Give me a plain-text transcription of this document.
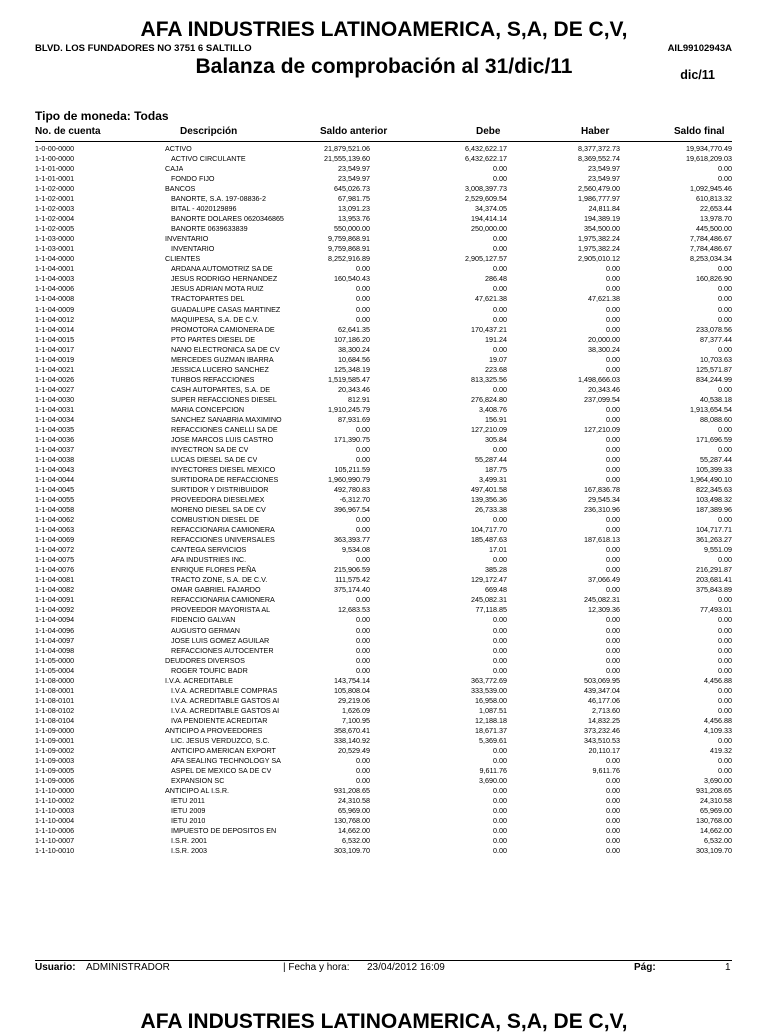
AFA INDUSTRIES LATINOAMERICA, S,A, DE C,V,
BLVD. LOS FUNDADORES NO 3751 6 SALTILLO	AIL99102943A
Balanza de comprobación al 31/dic/11	dic/11
Tipo de moneda: Todas
No. de cuenta	Descripción	Saldo anterior	Debe	Haber	Saldo final
1-0-00-0000	ACTIVO	21,879,521.06	6,432,622.17	8,377,372.73	19,934,770.49
1-1-00-0000	ACTIVO CIRCULANTE	21,555,139.60	6,432,622.17	8,369,552.74	19,618,209.03
1-1-01-0000	CAJA	23,549.97	0.00	23,549.97	0.00
1-1-01-0001	FONDO FIJO	23,549.97	0.00	23,549.97	0.00
1-1-02-0000	BANCOS	645,026.73	3,008,397.73	2,560,479.00	1,092,945.46
1-1-02-0001	BANORTE, S.A. 197-08836-2	67,981.75	2,529,609.54	1,986,777.97	610,813.32
1-1-02-0003	BITAL - 4020129896	13,091.23	34,374.05	24,811.84	22,653.44
1-1-02-0004	BANORTE DOLARES 0620346865	13,953.76	194,414.14	194,389.19	13,978.70
1-1-02-0005	BANORTE 0639633839	550,000.00	250,000.00	354,500.00	445,500.00
1-1-03-0000	INVENTARIO	9,759,868.91	0.00	1,975,382.24	7,784,486.67
1-1-03-0001	INVENTARIO	9,759,868.91	0.00	1,975,382.24	7,784,486.67
1-1-04-0000	CLIENTES	8,252,916.89	2,905,127.57	2,905,010.12	8,253,034.34
1-1-04-0001	ARDANA AUTOMOTRIZ SA DE	0.00	0.00	0.00	0.00
1-1-04-0003	JESUS RODRIGO HERNANDEZ	160,540.43	286.48	0.00	160,826.90
1-1-04-0006	JESUS ADRIAN MOTA RUIZ	0.00	0.00	0.00	0.00
1-1-04-0008	TRACTOPARTES DEL	0.00	47,621.38	47,621.38	0.00
1-1-04-0009	GUADALUPE CASAS MARTINEZ	0.00	0.00	0.00	0.00
1-1-04-0012	MAQUIPESA, S.A. DE C.V.	0.00	0.00	0.00	0.00
1-1-04-0014	PROMOTORA CAMIONERA DE	62,641.35	170,437.21	0.00	233,078.56
1-1-04-0015	PTO PARTES DIESEL DE	107,186.20	191.24	20,000.00	87,377.44
1-1-04-0017	NANO ELECTRONICA SA DE CV	38,300.24	0.00	38,300.24	0.00
1-1-04-0019	MERCEDES GUZMAN IBARRA	10,684.56	19.07	0.00	10,703.63
1-1-04-0021	JESSICA LUCERO SANCHEZ	125,348.19	223.68	0.00	125,571.87
1-1-04-0026	TURBOS REFACCIONES	1,519,585.47	813,325.56	1,498,666.03	834,244.99
1-1-04-0027	CASH AUTOPARTES, S.A. DE	20,343.46	0.00	20,343.46	0.00
1-1-04-0030	SUPER REFACCIONES DIESEL	812.91	276,824.80	237,099.54	40,538.18
1-1-04-0031	MARIA CONCEPCION	1,910,245.79	3,408.76	0.00	1,913,654.54
1-1-04-0034	SANCHEZ SANABRIA MAXIMINO	87,931.69	156.91	0.00	88,088.60
1-1-04-0035	REFACCIONES CANELLI SA DE	0.00	127,210.09	127,210.09	0.00
1-1-04-0036	JOSE MARCOS LUIS CASTRO	171,390.75	305.84	0.00	171,696.59
1-1-04-0037	INYECTRON SA DE CV	0.00	0.00	0.00	0.00
1-1-04-0038	LUCAS DIESEL SA DE CV	0.00	55,287.44	0.00	55,287.44
1-1-04-0043	INYECTORES DIESEL MEXICO	105,211.59	187.75	0.00	105,399.33
1-1-04-0044	SURTIDORA DE REFACCIONES	1,960,990.79	3,499.31	0.00	1,964,490.10
1-1-04-0045	SURTIDOR Y DISTRIBUIDOR	492,780.83	497,401.58	167,836.78	822,345.63
1-1-04-0055	PROVEEDORA DIESELMEX	-6,312.70	139,356.36	29,545.34	103,498.32
1-1-04-0058	MORENO DIESEL SA DE CV	396,967.54	26,733.38	236,310.96	187,389.96
1-1-04-0062	COMBUSTION DIESEL DE	0.00	0.00	0.00	0.00
1-1-04-0063	REFACCIONARIA CAMIONERA	0.00	104,717.70	0.00	104,717.71
1-1-04-0069	REFACCIONES UNIVERSALES	363,393.77	185,487.63	187,618.13	361,263.27
1-1-04-0072	CANTEGA SERVICIOS	9,534.08	17.01	0.00	9,551.09
1-1-04-0075	AFA INDUSTRIES INC.	0.00	0.00	0.00	0.00
1-1-04-0076	ENRIQUE FLORES PEÑA	215,906.59	385.28	0.00	216,291.87
1-1-04-0081	TRACTO ZONE, S.A. DE C.V.	111,575.42	129,172.47	37,066.49	203,681.41
1-1-04-0082	OMAR GABRIEL FAJARDO	375,174.40	669.48	0.00	375,843.89
1-1-04-0091	REFACCIONARIA CAMIONERA	0.00	245,082.31	245,082.31	0.00
1-1-04-0092	PROVEEDOR MAYORISTA AL	12,683.53	77,118.85	12,309.36	77,493.01
1-1-04-0094	FIDENCIO GALVAN	0.00	0.00	0.00	0.00
1-1-04-0096	AUGUSTO GERMAN	0.00	0.00	0.00	0.00
1-1-04-0097	JOSE LUIS GOMEZ AGUILAR	0.00	0.00	0.00	0.00
1-1-04-0098	REFACCIONES AUTOCENTER	0.00	0.00	0.00	0.00
1-1-05-0000	DEUDORES DIVERSOS	0.00	0.00	0.00	0.00
1-1-05-0004	ROGER TOUFIC BADR	0.00	0.00	0.00	0.00
1-1-08-0000	I.V.A. ACREDITABLE	143,754.14	363,772.69	503,069.95	4,456.88
1-1-08-0001	I.V.A. ACREDITABLE COMPRAS	105,808.04	333,539.00	439,347.04	0.00
1-1-08-0101	I.V.A. ACREDITABLE GASTOS AI	29,219.06	16,958.00	46,177.06	0.00
1-1-08-0102	I.V.A. ACREDITABLE GASTOS AI	1,626.09	1,087.51	2,713.60	0.00
1-1-08-0104	IVA PENDIENTE ACREDITAR	7,100.95	12,188.18	14,832.25	4,456.88
1-1-09-0000	ANTICIPO A PROVEEDORES	358,670.41	18,671.37	373,232.46	4,109.33
1-1-09-0001	LIC. JESUS VERDUZCO, S.C.	338,140.92	5,369.61	343,510.53	0.00
1-1-09-0002	ANTICIPO AMERICAN EXPORT	20,529.49	0.00	20,110.17	419.32
1-1-09-0003	AFA SEALING TECHNOLOGY SA	0.00	0.00	0.00	0.00
1-1-09-0005	ASPEL DE MEXICO SA DE CV	0.00	9,611.76	9,611.76	0.00
1-1-09-0006	EXPANSION SC	0.00	3,690.00	0.00	3,690.00
1-1-10-0000	ANTICIPO AL I.S.R.	931,208.65	0.00	0.00	931,208.65
1-1-10-0002	IETU 2011	24,310.58	0.00	0.00	24,310.58
1-1-10-0003	IETU 2009	65,969.00	0.00	0.00	65,969.00
1-1-10-0004	IETU 2010	130,768.00	0.00	0.00	130,768.00
1-1-10-0006	IMPUESTO DE DEPOSITOS EN	14,662.00	0.00	0.00	14,662.00
1-1-10-0007	I.S.R. 2001	6,532.00	0.00	0.00	6,532.00
1-1-10-0010	I.S.R. 2003	303,109.70	0.00	0.00	303,109.70
Usuario: ADMINISTRADOR	| Fecha y hora: 23/04/2012 16:09	Pág:	1
AFA INDUSTRIES LATINOAMERICA, S,A, DE C,V,
